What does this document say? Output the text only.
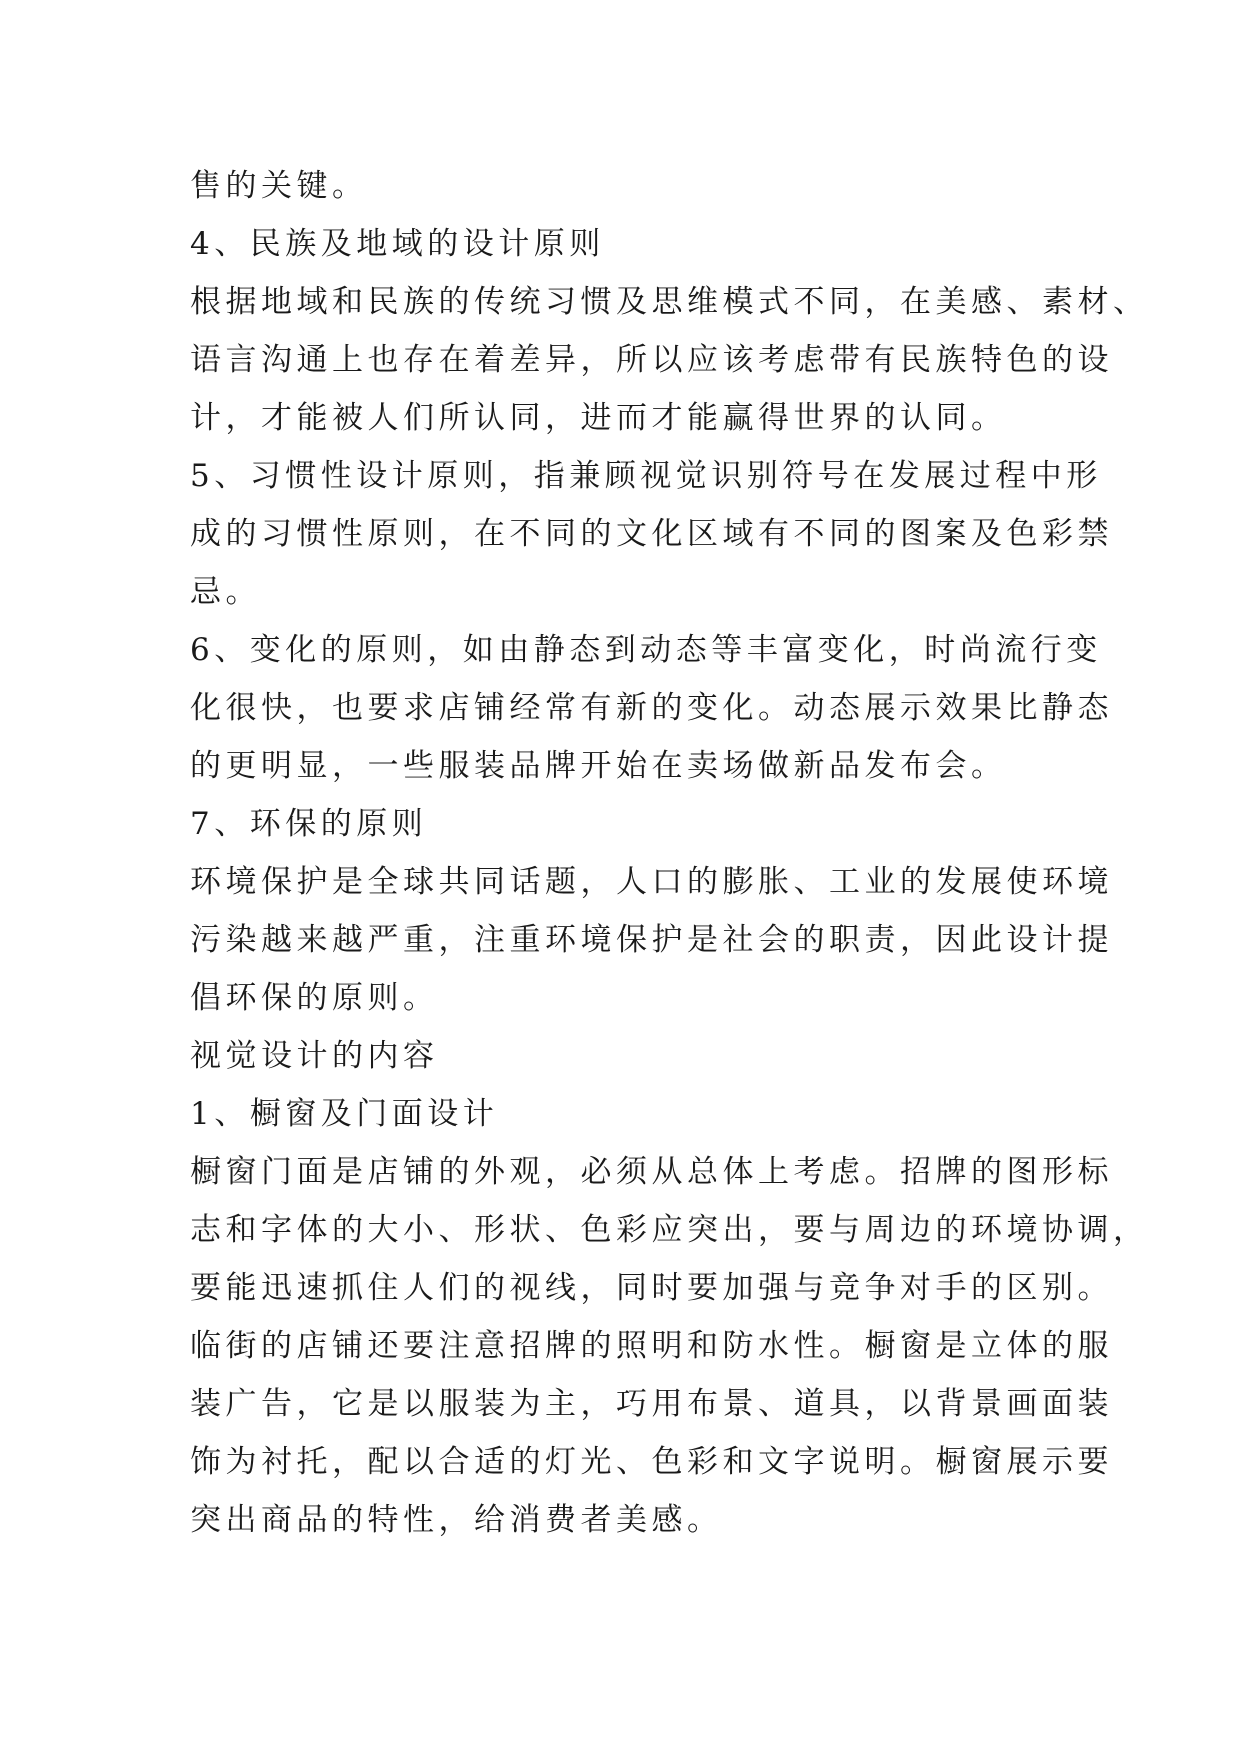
售的关键。
4、民族及地域的设计原则
根据地域和民族的传统习惯及思维模式不同，在美感、素材、
语言沟通上也存在着差异，所以应该考虑带有民族特色的设
计，才能被人们所认同，进而才能赢得世界的认同。
5、习惯性设计原则，指兼顾视觉识别符号在发展过程中形
成的习惯性原则，在不同的文化区域有不同的图案及色彩禁
忌。
6、变化的原则，如由静态到动态等丰富变化，时尚流行变
化很快，也要求店铺经常有新的变化。动态展示效果比静态
的更明显，一些服装品牌开始在卖场做新品发布会。
7、环保的原则
环境保护是全球共同话题，人口的膨胀、工业的发展使环境
污染越来越严重，注重环境保护是社会的职责，因此设计提
倡环保的原则。
视觉设计的内容
1、橱窗及门面设计
橱窗门面是店铺的外观，必须从总体上考虑。招牌的图形标
志和字体的大小、形状、色彩应突出，要与周边的环境协调，
要能迅速抓住人们的视线，同时要加强与竞争对手的区别。
临街的店铺还要注意招牌的照明和防水性。橱窗是立体的服
装广告，它是以服装为主，巧用布景、道具，以背景画面装
饰为衬托，配以合适的灯光、色彩和文字说明。橱窗展示要
突出商品的特性，给消费者美感。
